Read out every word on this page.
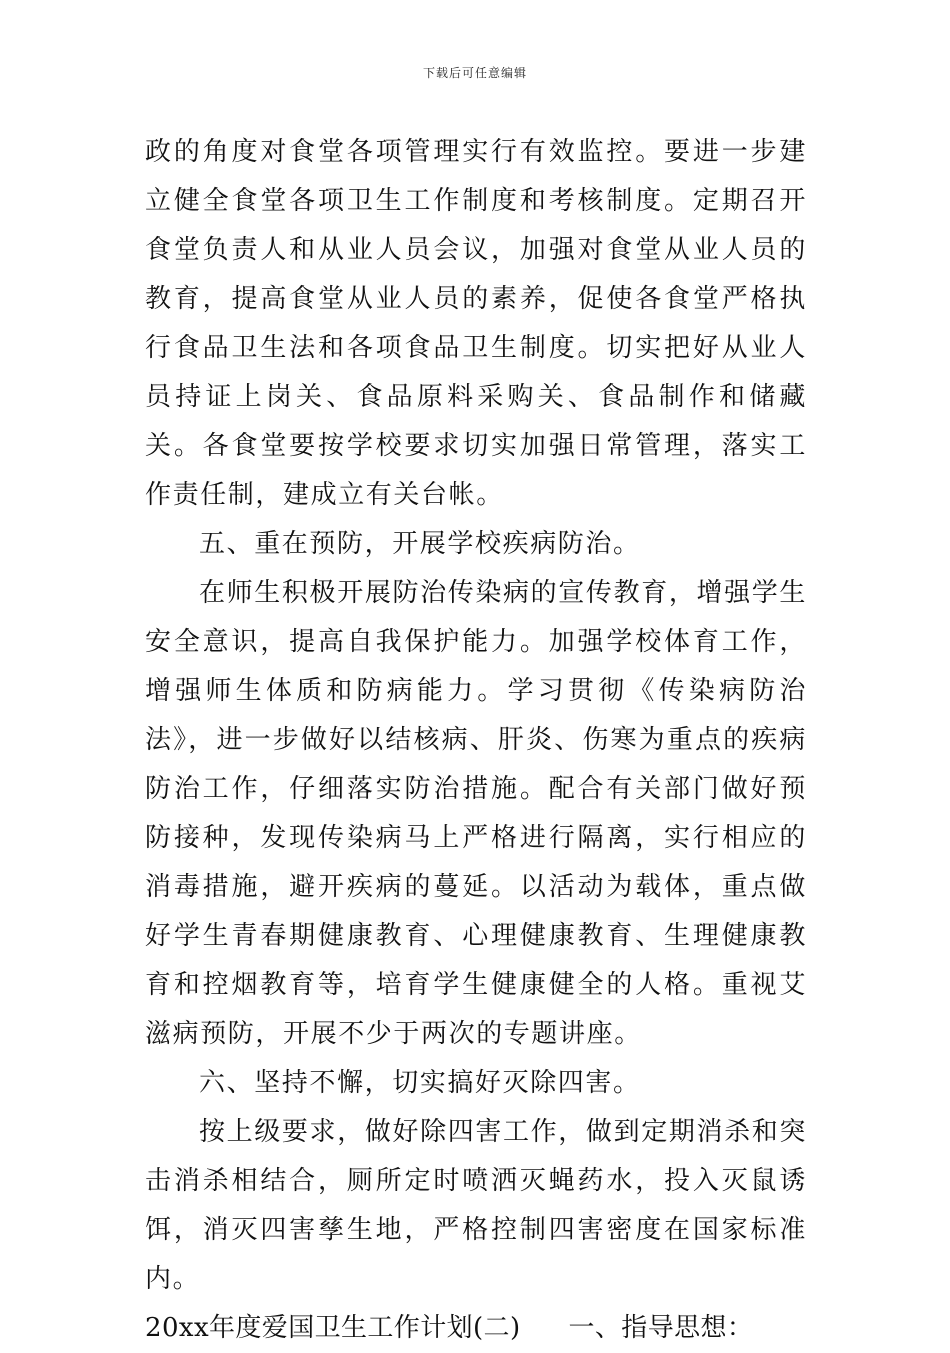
下载后可任意编辑

政的角度对食堂各项管理实行有效监控。要进一步建立健全食堂各项卫生工作制度和考核制度。定期召开食堂负责人和从业人员会议，加强对食堂从业人员的教育，提高食堂从业人员的素养，促使各食堂严格执行食品卫生法和各项食品卫生制度。切实把好从业人员持证上岗关、食品原料采购关、食品制作和储藏关。各食堂要按学校要求切实加强日常管理，落实工作责任制，建成立有关台帐。

五、重在预防，开展学校疾病防治。

在师生积极开展防治传染病的宣传教育，增强学生安全意识，提高自我保护能力。加强学校体育工作，增强师生体质和防病能力。学习贯彻《传染病防治法》，进一步做好以结核病、肝炎、伤寒为重点的疾病防治工作，仔细落实防治措施。配合有关部门做好预防接种，发现传染病马上严格进行隔离，实行相应的消毒措施，避开疾病的蔓延。以活动为载体，重点做好学生青春期健康教育、心理健康教育、生理健康教育和控烟教育等，培育学生健康健全的人格。重视艾滋病预防，开展不少于两次的专题讲座。

六、坚持不懈，切实搞好灭除四害。

按上级要求，做好除四害工作，做到定期消杀和突击消杀相结合，厕所定时喷洒灭蝇药水，投入灭鼠诱饵，消灭四害孳生地，严格控制四害密度在国家标准内。

20xx年度爱国卫生工作计划(二) 一、指导思想：
